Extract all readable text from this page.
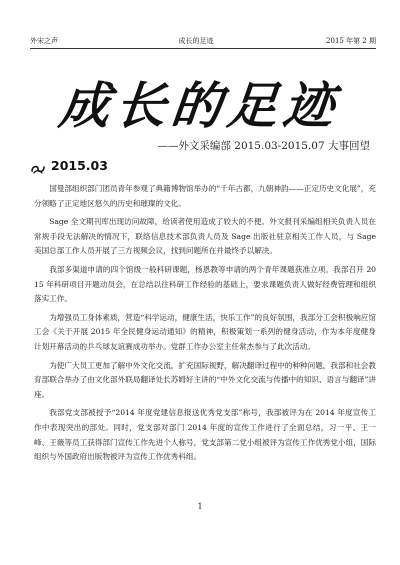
外宋之声	成长的足迹	2015 年第 2 期
成长的足迹
——外文采编部 2015.03-2015.07 大事回望
2015.03

国曼部组织部门团员青年参观了典籍博物馆举办的“千年古都，九朝神韵——正定历史文化展”，充分领略了正定地区悠久的历史和璀璨的文化。

Sage 全文期刊库出现访问故障，给读者使用造成了较大的不便。外文报刊采编组相关负责人员在常规手段无法解决的情况下，联络信息技术部负责人员及 Sage 出版社驻京相关工作人员，与 Sage 美国总部工作人员开展了三方视频会议，找到问题所在并最终予以解决。

我部多渠道申请的四个馆级一般科研课题，杨恩教等申请的两个青年课题获准立项。我部召开 2015 年科研项目开题动员会，在总结以往科研工作经验的基础上，要求课题负责人做好经费管理和组织落实工作。

为增强员工身体素质，营造“科学运动，健康生活，快乐工作”的良好氛围，我部分工会积极响应馆工会《关于开展 2015 年全民健身运动通知》的精神，积极策划一系列的健身活动，作为本年度健身计划开幕活动的乒乓球友谊赛成功举办。党群工作办公室主任常杰参与了此次活动。

为使广大员工更加了解中外文化交流，扩充国际视野，解决翻译过程中的种种问题，我部和社会教育部联合举办了由文化部外联局翻译处长苏姆好主讲的“中外文化交流与传播中的知识、语言与翻译”讲座。

我部党支部被授予“2014 年度党建信息报送优秀党支部”称号，我部被评为在 2014 年度宣传工作中表现突出的部处。同时，党支部对部门 2014 年度的宣传工作进行了全面总结，习一平、王一峰、王薇等员工获得部门宣传工作先进个人称号，党支部第二党小组被评为宣传工作优秀党小组，国际组织与外国政府出版物被评为宣传工作优秀科组。

1
